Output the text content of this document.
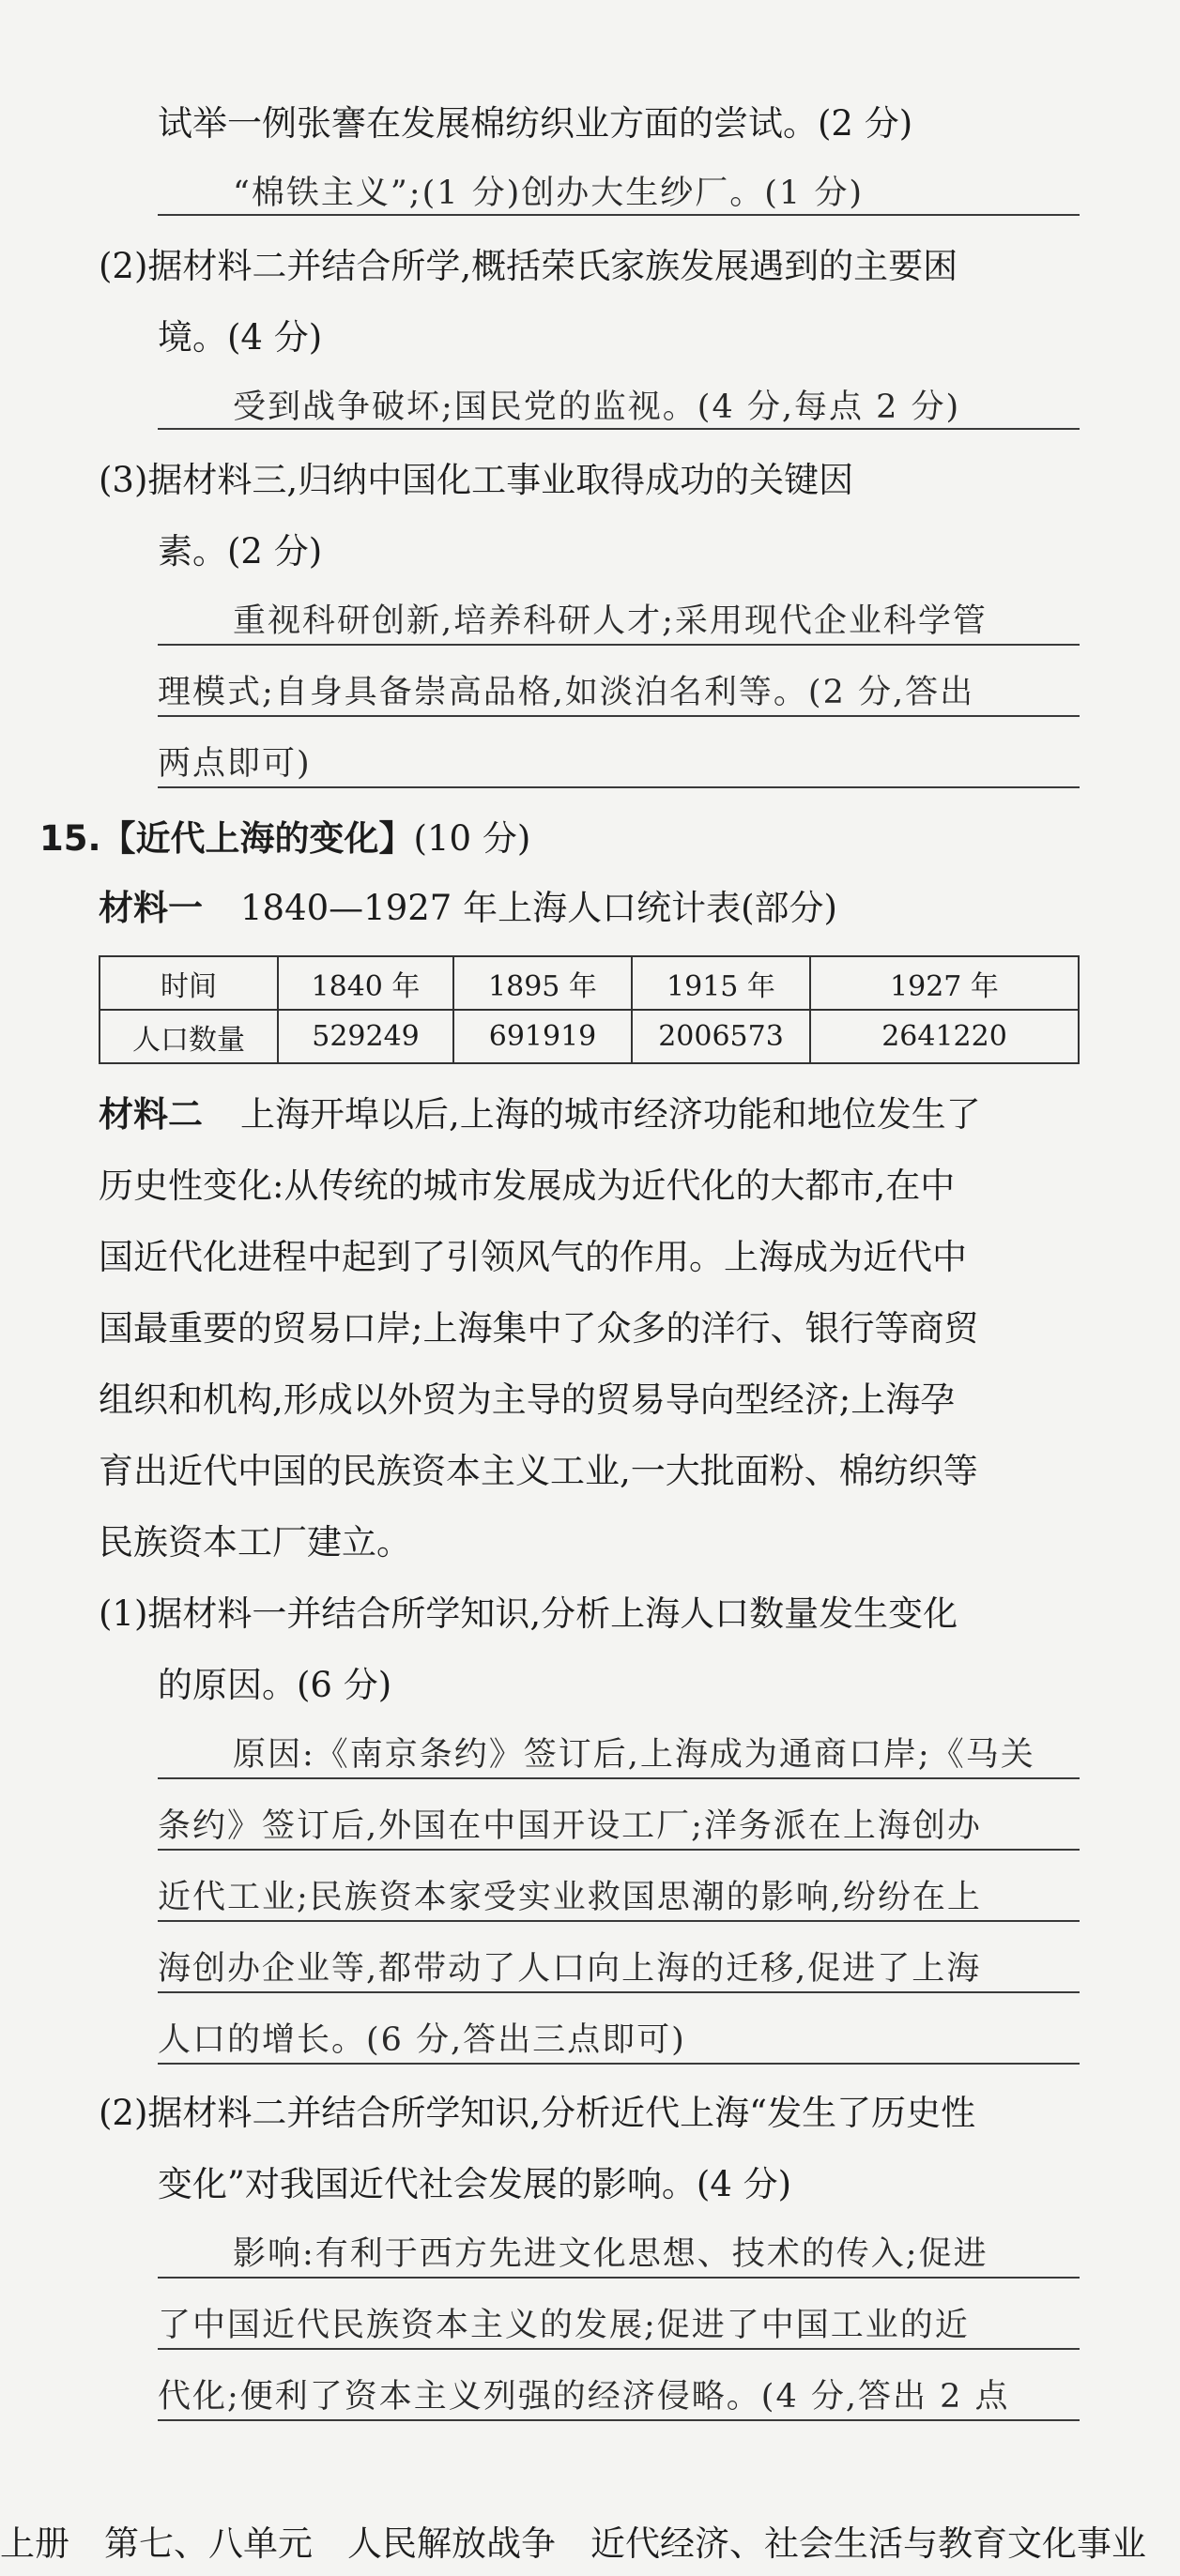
试举一例张謇在发展棉纺织业方面的尝试。(2 分)
“棉铁主义”;(1 分)创办大生纱厂。(1 分)
(2)据材料二并结合所学,概括荣氏家族发展遇到的主要困
境。(4 分)
受到战争破坏;国民党的监视。(4 分,每点 2 分)
(3)据材料三,归纳中国化工事业取得成功的关键因
素。(2 分)
重视科研创新,培养科研人才;采用现代企业科学管
理模式;自身具备崇高品格,如淡泊名利等。(2 分,答出
两点即可)
15.【近代上海的变化】(10 分)
材料一 1840—1927 年上海人口统计表(部分)
时间	1840 年	1895 年	1915 年	1927 年
人口数量	529249	691919	2006573	2641220
材料二 上海开埠以后,上海的城市经济功能和地位发生了
历史性变化:从传统的城市发展成为近代化的大都市,在中
国近代化进程中起到了引领风气的作用。上海成为近代中
国最重要的贸易口岸;上海集中了众多的洋行、银行等商贸
组织和机构,形成以外贸为主导的贸易导向型经济;上海孕
育出近代中国的民族资本主义工业,一大批面粉、棉纺织等
民族资本工厂建立。
(1)据材料一并结合所学知识,分析上海人口数量发生变化
的原因。(6 分)
原因:《南京条约》签订后,上海成为通商口岸;《马关
条约》签订后,外国在中国开设工厂;洋务派在上海创办
近代工业;民族资本家受实业救国思潮的影响,纷纷在上
海创办企业等,都带动了人口向上海的迁移,促进了上海
人口的增长。(6 分,答出三点即可)
(2)据材料二并结合所学知识,分析近代上海“发生了历史性
变化”对我国近代社会发展的影响。(4 分)
影响:有利于西方先进文化思想、技术的传入;促进
了中国近代民族资本主义的发展;促进了中国工业的近
代化;便利了资本主义列强的经济侵略。(4 分,答出 2 点
上册　第七、八单元　人民解放战争　近代经济、社会生活与教育文化事业
